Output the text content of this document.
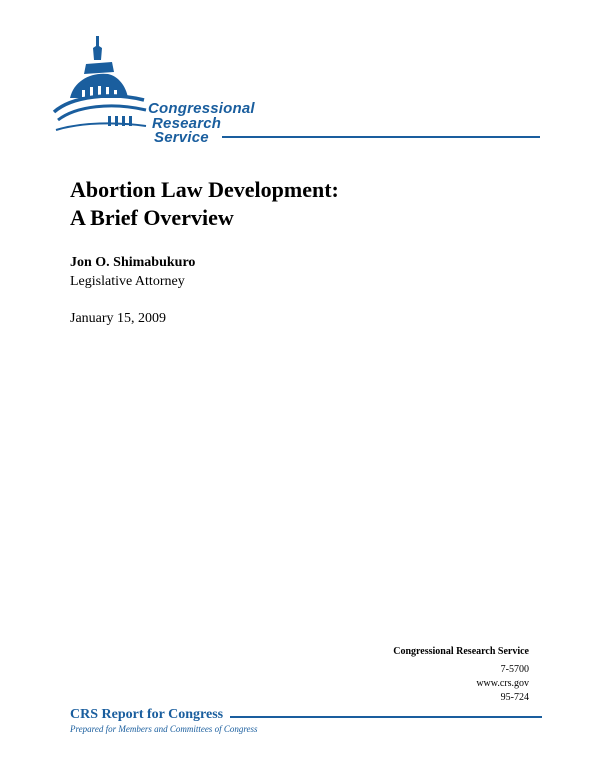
Congressional
Research
Service
Abortion Law Development:
A Brief Overview
Jon O. Shimabukuro
Legislative Attorney
January 15, 2009
Congressional Research Service
7-5700
www.crs.gov
95-724
CRS Report for Congress
Prepared for Members and Committees of Congress
